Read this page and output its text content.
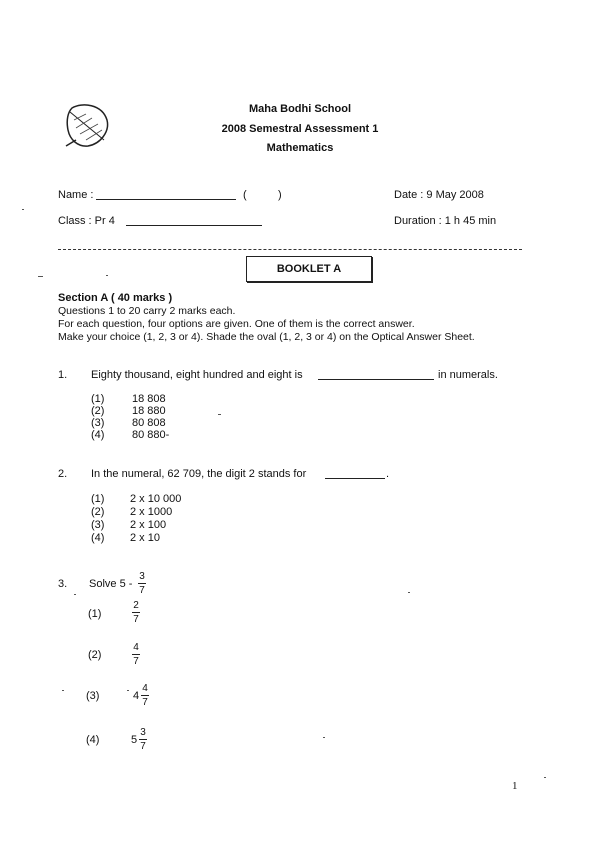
Maha Bodhi School
2008 Semestral Assessment 1
Mathematics
Name :	(	)	Date : 9 May 2008
Class : Pr 4	Duration : 1 h 45 min
BOOKLET A
Section A ( 40 marks )
Questions 1 to 20 carry 2 marks each.
For each question, four options are given. One of them is the correct answer.
Make your choice (1, 2, 3 or 4). Shade the oval (1, 2, 3 or 4) on the Optical Answer Sheet.
1. Eighty thousand, eight hundred and eight is	in numerals.
(1)	18 808
(2)	18 880
(3)	80 808
(4)	80 880-
2. In the numeral, 62 709, the digit 2 stands for	.
(1) 2 x 10 000
(2) 2 x 1000
(3) 2 x 100
(4) 2 x 10
3. Solve 5 -
3
7
(1)
2
7
(2)
4
7
(3)	4
4
7
(4)	5
3
7
1
